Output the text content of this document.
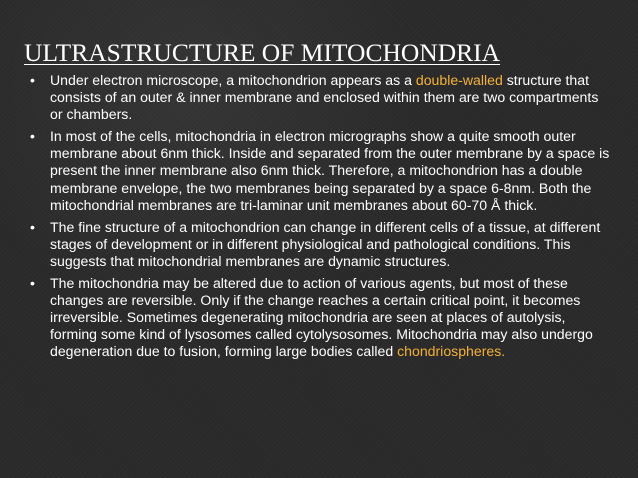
ULTRASTRUCTURE OF MITOCHONDRIA
•	Under electron microscope, a mitochondrion appears as a double-walled structure that consists of an outer & inner membrane and enclosed within them are two compartments or chambers.
•	In most of the cells, mitochondria in electron micrographs show a quite smooth outer membrane about 6nm thick. Inside and separated from the outer membrane by a space is present the inner membrane also 6nm thick. Therefore, a mitochondrion has a double membrane envelope, the two membranes being separated by a space 6-8nm. Both the mitochondrial membranes are tri-laminar unit membranes about 60-70 Å thick.
•	The fine structure of a mitochondrion can change in different cells of a tissue, at different stages of development or in different physiological and pathological conditions. This suggests that mitochondrial membranes are dynamic structures.
•	The mitochondria may be altered due to action of various agents, but most of these changes are reversible. Only if the change reaches a certain critical point, it becomes irreversible. Sometimes degenerating mitochondria are seen at places of autolysis, forming some kind of lysosomes called cytolysosomes. Mitochondria may also undergo degeneration due to fusion, forming large bodies called chondriospheres.
